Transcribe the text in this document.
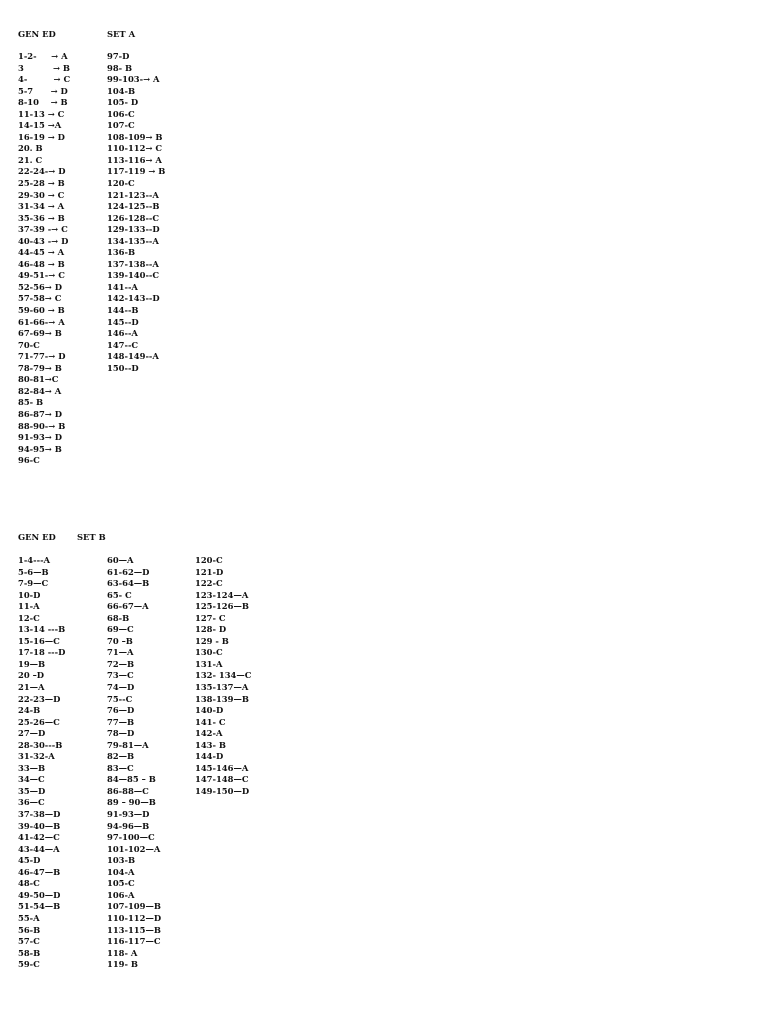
GEN ED	SET A
1-2-     → A
3          → B
4-         → C
5-7      → D
8-10    → B
11-13 → C
14-15 →A
16-19 → D
20. B
21. C
22-24-→ D
25-28 → B
29-30 → C
31-34 → A
35-36 → B
37-39 -→ C
40-43 -→ D
44-45 → A
46-48 → B
49-51-→ C
52-56→ D
57-58→ C
59-60 → B
61-66-→ A
67-69→ B
70-C
71-77-→ D
78-79→ B
80-81→C
82-84→ A
85- B
86-87→ D
88-90-→ B
91-93→ D
94-95→ B
96-C
97-D
98- B
99-103-→ A
104-B
105- D
106-C
107-C
108-109→ B
110-112→ C
113-116→ A
117-119 → B
120-C
121-123--A
124-125--B
126-128--C
129-133--D
134-135--A
136-B
137-138--A
139-140--C
141--A
142-143--D
144--B
145--D
146--A
147--C
148-149--A
150--D
GEN ED	SET B
1-4---A
5-6—B
7-9—C
10-D
11-A
12-C
13-14 ---B
15-16—C
17-18 ---D
19—B
20 –D
21—A
22-23—D
24-B
25-26—C
27—D
28-30---B
31-32-A
33—B
34—C
35—D
36—C
37-38—D
39-40—B
41-42—C
43-44—A
45-D
46-47—B
48-C
49-50—D
51-54—B
55-A
56-B
57-C
58-B
59-C
60—A
61-62—D
63-64—B
65- C
66-67—A
68-B
69—C
70 –B
71—A
72—B
73—C
74—D
75--C
76—D
77—B
78—D
79-81—A
82—B
83—C
84—85 – B
86-88—C
89 – 90—B
91-93—D
94-96—B
97-100—C
101-102—A
103-B
104-A
105-C
106-A
107-109—B
110-112—D
113-115—B
116-117—C
118- A
119- B
120-C
121-D
122-C
123-124—A
125-126—B
127- C
128- D
129 - B
130-C
131-A
132- 134—C
135-137—A
138-139—B
140-D
141- C
142-A
143- B
144-D
145-146—A
147-148—C
149-150—D
